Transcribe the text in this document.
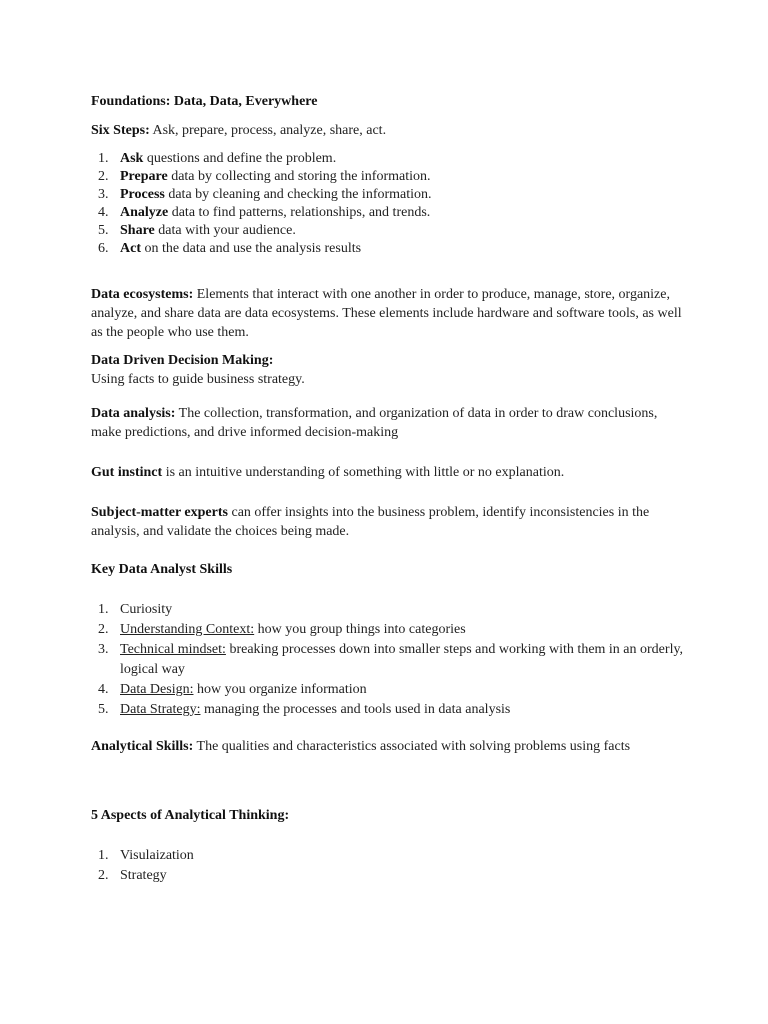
Foundations: Data, Data, Everywhere

Six Steps: Ask, prepare, process, analyze, share, act.

1. Ask questions and define the problem.
2. Prepare data by collecting and storing the information.
3. Process data by cleaning and checking the information.
4. Analyze data to find patterns, relationships, and trends.
5. Share data with your audience.
6. Act on the data and use the analysis results

Data ecosystems: Elements that interact with one another in order to produce, manage, store, organize, analyze, and share data are data ecosystems. These elements include hardware and software tools, as well as the people who use them.

Data Driven Decision Making:
Using facts to guide business strategy.

Data analysis: The collection, transformation, and organization of data in order to draw conclusions, make predictions, and drive informed decision-making

Gut instinct is an intuitive understanding of something with little or no explanation.

Subject-matter experts can offer insights into the business problem, identify inconsistencies in the analysis, and validate the choices being made.

Key Data Analyst Skills

1. Curiosity
2. Understanding Context: how you group things into categories
3. Technical mindset: breaking processes down into smaller steps and working with them in an orderly, logical way
4. Data Design: how you organize information
5. Data Strategy: managing the processes and tools used in data analysis

Analytical Skills: The qualities and characteristics associated with solving problems using facts

5 Aspects of Analytical Thinking:

1. Visulaization
2. Strategy
